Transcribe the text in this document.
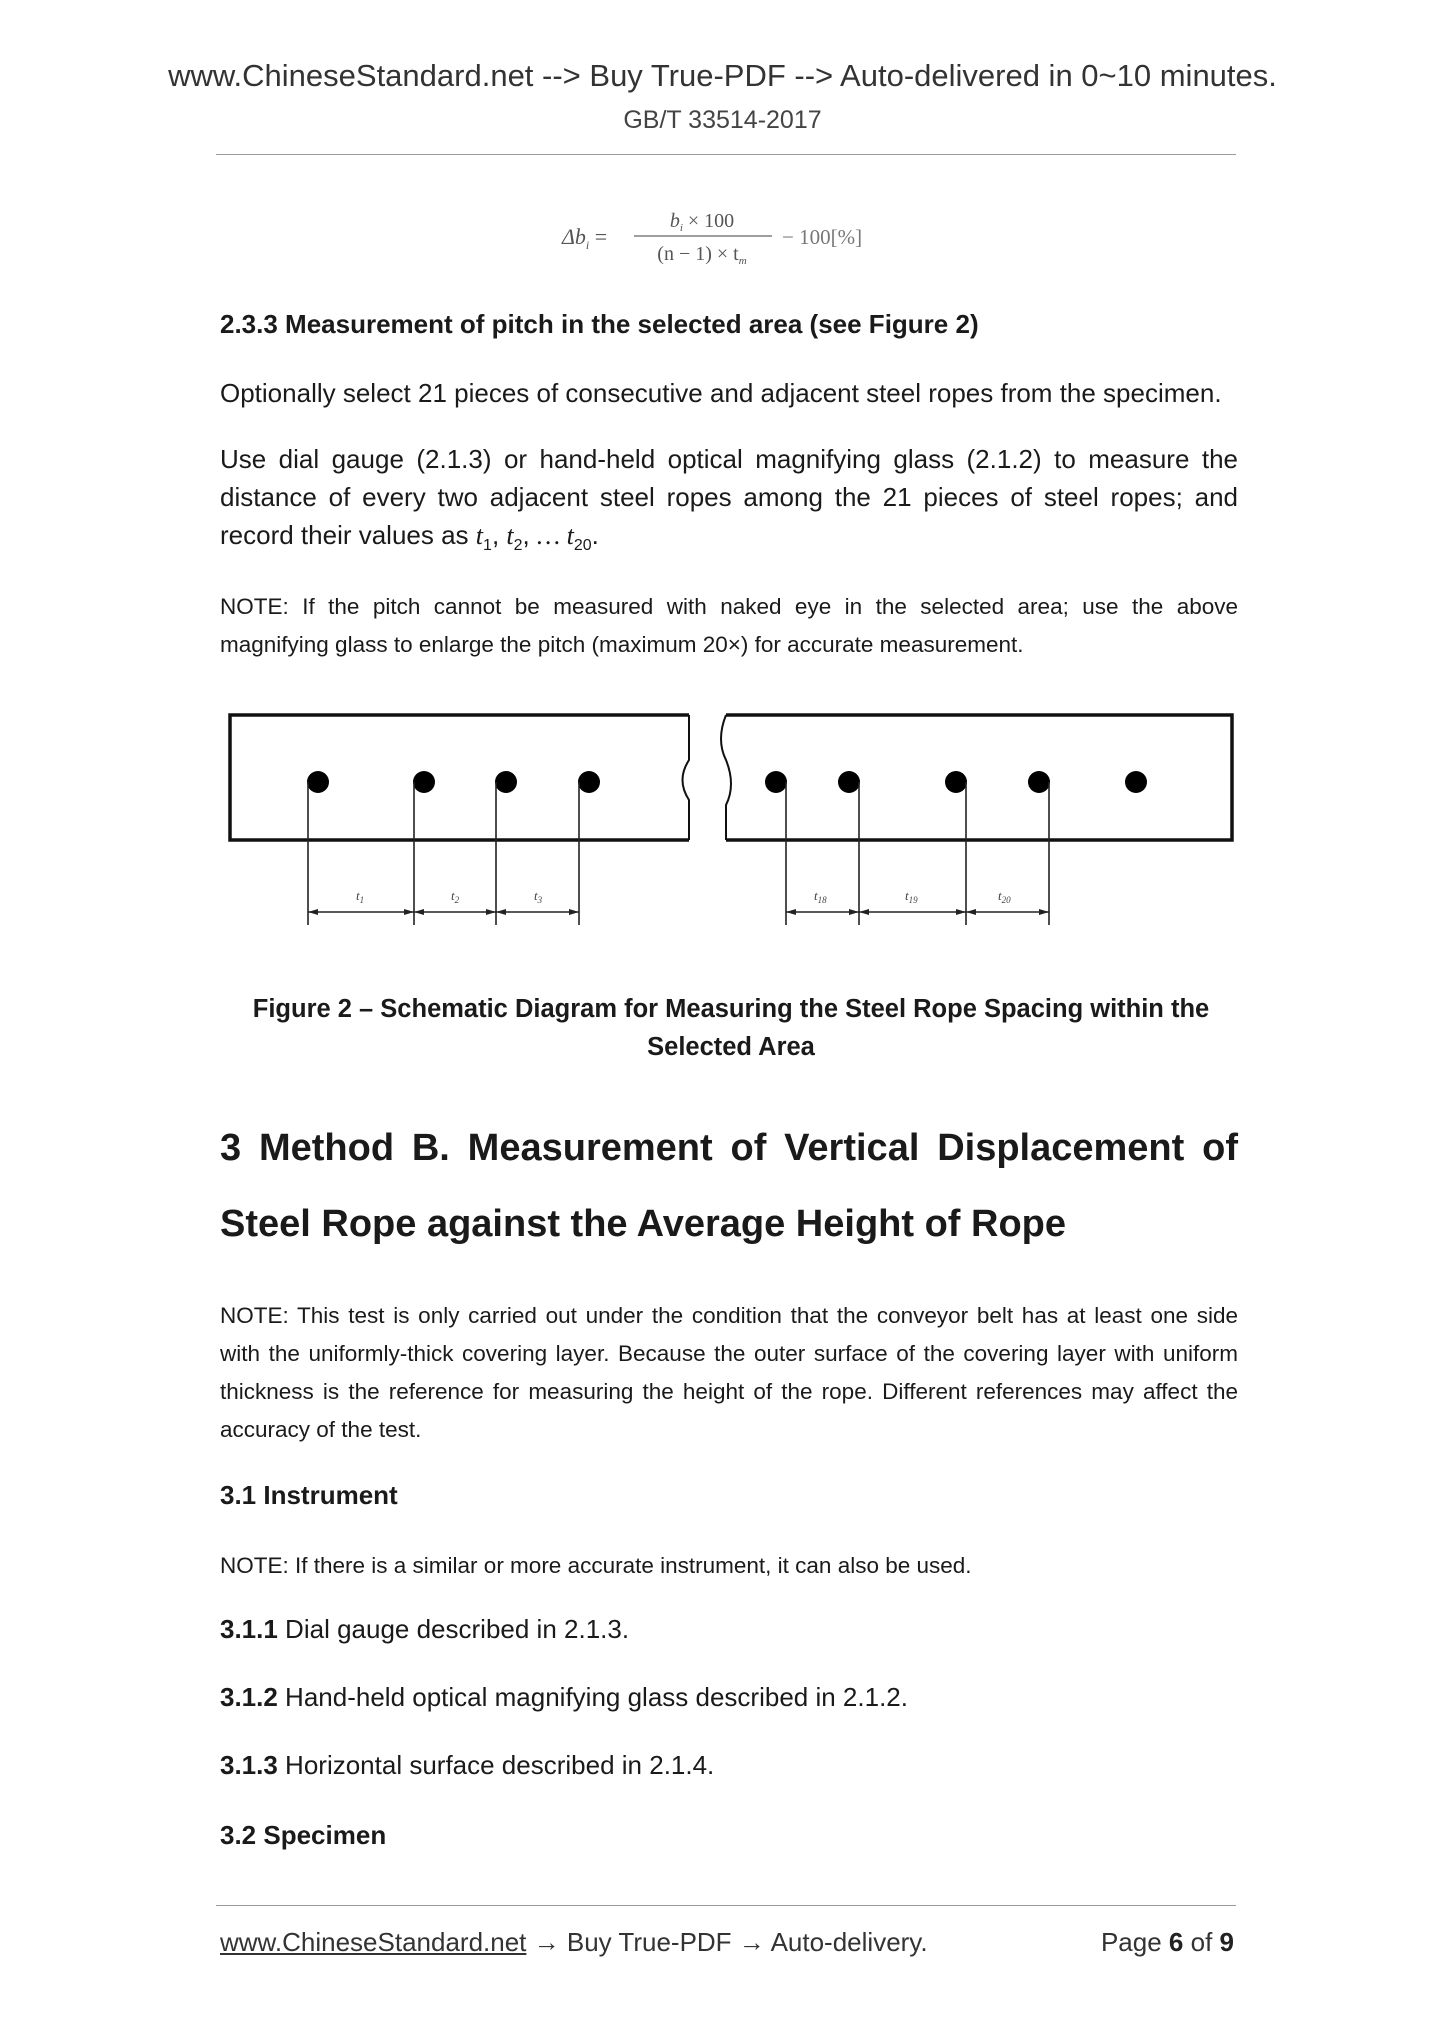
www.ChineseStandard.net --> Buy True-PDF --> Auto-delivered in 0~10 minutes.
GB/T 33514-2017
$\Delta b_i$ =
$b_i \times 100$
$(n - 1) \times t_m$
− 100[%]
2.3.3 Measurement of pitch in the selected area (see Figure 2)
Optionally select 21 pieces of consecutive and adjacent steel ropes from the specimen.
Use dial gauge (2.1.3) or hand-held optical magnifying glass (2.1.2) to measure the distance of every two adjacent steel ropes among the 21 pieces of steel ropes; and record their values as $t_1$, $t_2$, … $t_{20}$.
NOTE: If the pitch cannot be measured with naked eye in the selected area; use the above magnifying glass to enlarge the pitch (maximum 20×) for accurate measurement.
$t_1$	$t_2$	$t_3$	$t_{18}$	$t_{19}$	$t_{20}$
Figure 2 – Schematic Diagram for Measuring the Steel Rope Spacing within the Selected Area
3 Method B. Measurement of Vertical Displacement of Steel Rope against the Average Height of Rope
NOTE: This test is only carried out under the condition that the conveyor belt has at least one side with the uniformly-thick covering layer. Because the outer surface of the covering layer with uniform thickness is the reference for measuring the height of the rope. Different references may affect the accuracy of the test.
3.1 Instrument
NOTE: If there is a similar or more accurate instrument, it can also be used.
3.1.1 Dial gauge described in 2.1.3.
3.1.2 Hand-held optical magnifying glass described in 2.1.2.
3.1.3 Horizontal surface described in 2.1.4.
3.2 Specimen
www.ChineseStandard.net → Buy True-PDF → Auto-delivery.	Page 6 of 9
